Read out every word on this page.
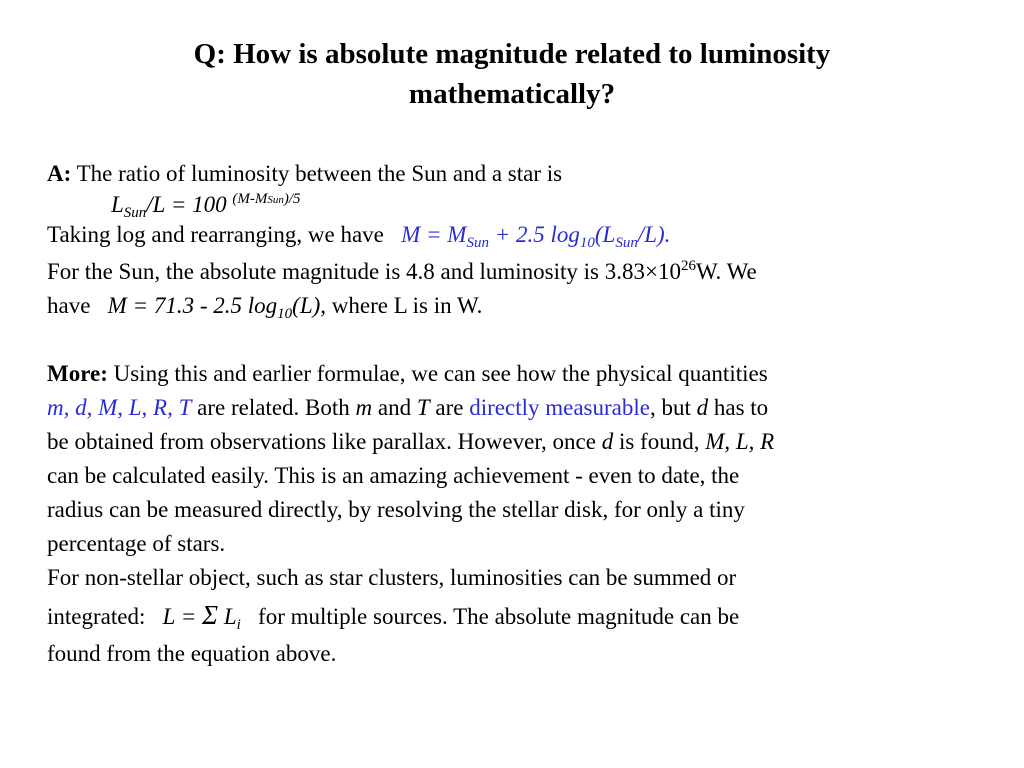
Q: How is absolute magnitude related to luminosity
mathematically?
A: The ratio of luminosity between the Sun and a star is
$L_{Sun}/L = 100$ $^{(M-MSun)/5}$
Taking log and rearranging, we have $M = M_{Sun} + 2.5$ $\log_{10}(L_{Sun}/L)$.
For the Sun, the absolute magnitude is 4.8 and luminosity is $3.83\times 10^{26}W$. We
have M = 71.3 - 2.5 $\log_{10}(L)$, where L is in W.
More: Using this and earlier formulae, we can see how the physical quantities
m, d, M, L, R, T are related. Both m and T are directly measurable, but d has to
be obtained from observations like parallax. However, once d is found, M, L, R
can be calculated easily. This is an amazing achievement - even to date, the
radius can be measured directly, by resolving the stellar disk, for only a tiny
percentage of stars.
For non-stellar object, such as star clusters, luminosities can be summed or
integrated: L = Σ $L_i$ for multiple sources. The absolute magnitude can be
found from the equation above.
